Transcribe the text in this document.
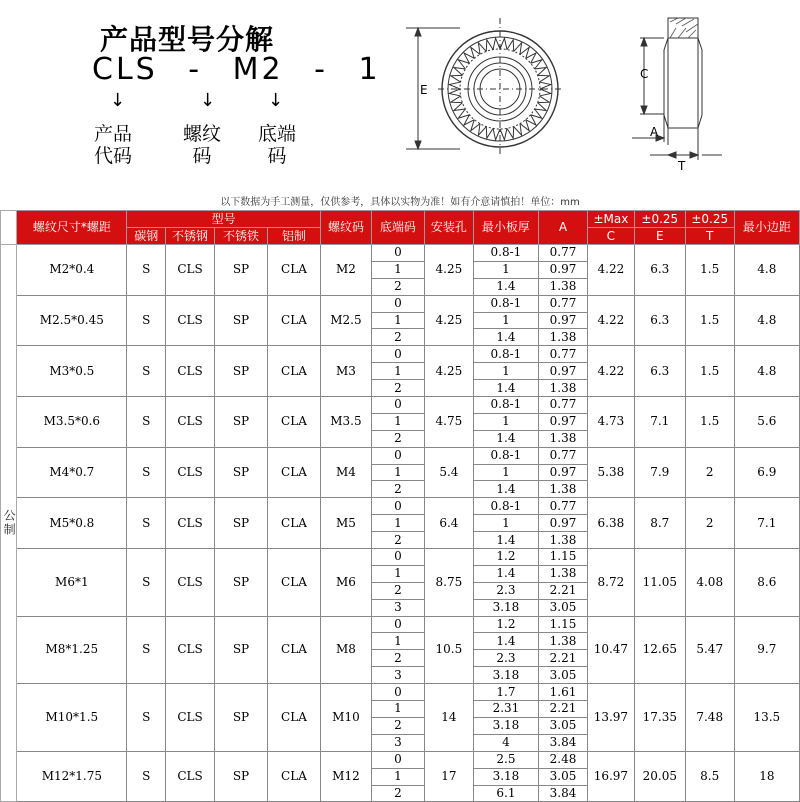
产品型号分解
CLS - M2 - 1
↓	↓	↓
产品
代码
螺纹
码
底端
码
E
C
A
T
以下数据为手工测量，仅供参考，具体以实物为准！如有介意请慎拍！单位：mm
	螺纹尺寸*螺距	型号				螺纹码	底端码	安装孔	最小板厚	A	±Max	±0.25	±0.25	最小边距
		碳钢	不锈钢	不锈铁	铝制						C	E	T	
公制	M2*0.4	S	CLS	SP	CLA	M2	0	4.25	0.8-1	0.77	4.22	6.3	1.5	4.8
							1		1	0.97				
							2		1.4	1.38				
	M2.5*0.45	S	CLS	SP	CLA	M2.5	0	4.25	0.8-1	0.77	4.22	6.3	1.5	4.8
							1		1	0.97				
							2		1.4	1.38				
	M3*0.5	S	CLS	SP	CLA	M3	0	4.25	0.8-1	0.77	4.22	6.3	1.5	4.8
							1		1	0.97				
							2		1.4	1.38				
	M3.5*0.6	S	CLS	SP	CLA	M3.5	0	4.75	0.8-1	0.77	4.73	7.1	1.5	5.6
							1		1	0.97				
							2		1.4	1.38				
	M4*0.7	S	CLS	SP	CLA	M4	0	5.4	0.8-1	0.77	5.38	7.9	2	6.9
							1		1	0.97				
							2		1.4	1.38				
	M5*0.8	S	CLS	SP	CLA	M5	0	6.4	0.8-1	0.77	6.38	8.7	2	7.1
							1		1	0.97				
							2		1.4	1.38				
	M6*1	S	CLS	SP	CLA	M6	0	8.75	1.2	1.15	8.72	11.05	4.08	8.6
							1		1.4	1.38				
							2		2.3	2.21				
							3		3.18	3.05				
	M8*1.25	S	CLS	SP	CLA	M8	0	10.5	1.2	1.15	10.47	12.65	5.47	9.7
							1		1.4	1.38				
							2		2.3	2.21				
							3		3.18	3.05				
	M10*1.5	S	CLS	SP	CLA	M10	0	14	1.7	1.61	13.97	17.35	7.48	13.5
							1		2.31	2.21				
							2		3.18	3.05				
							3		4	3.84				
	M12*1.75	S	CLS	SP	CLA	M12	0	17	2.5	2.48	16.97	20.05	8.5	18
							1		3.18	3.05				
							2		6.1	3.84				
